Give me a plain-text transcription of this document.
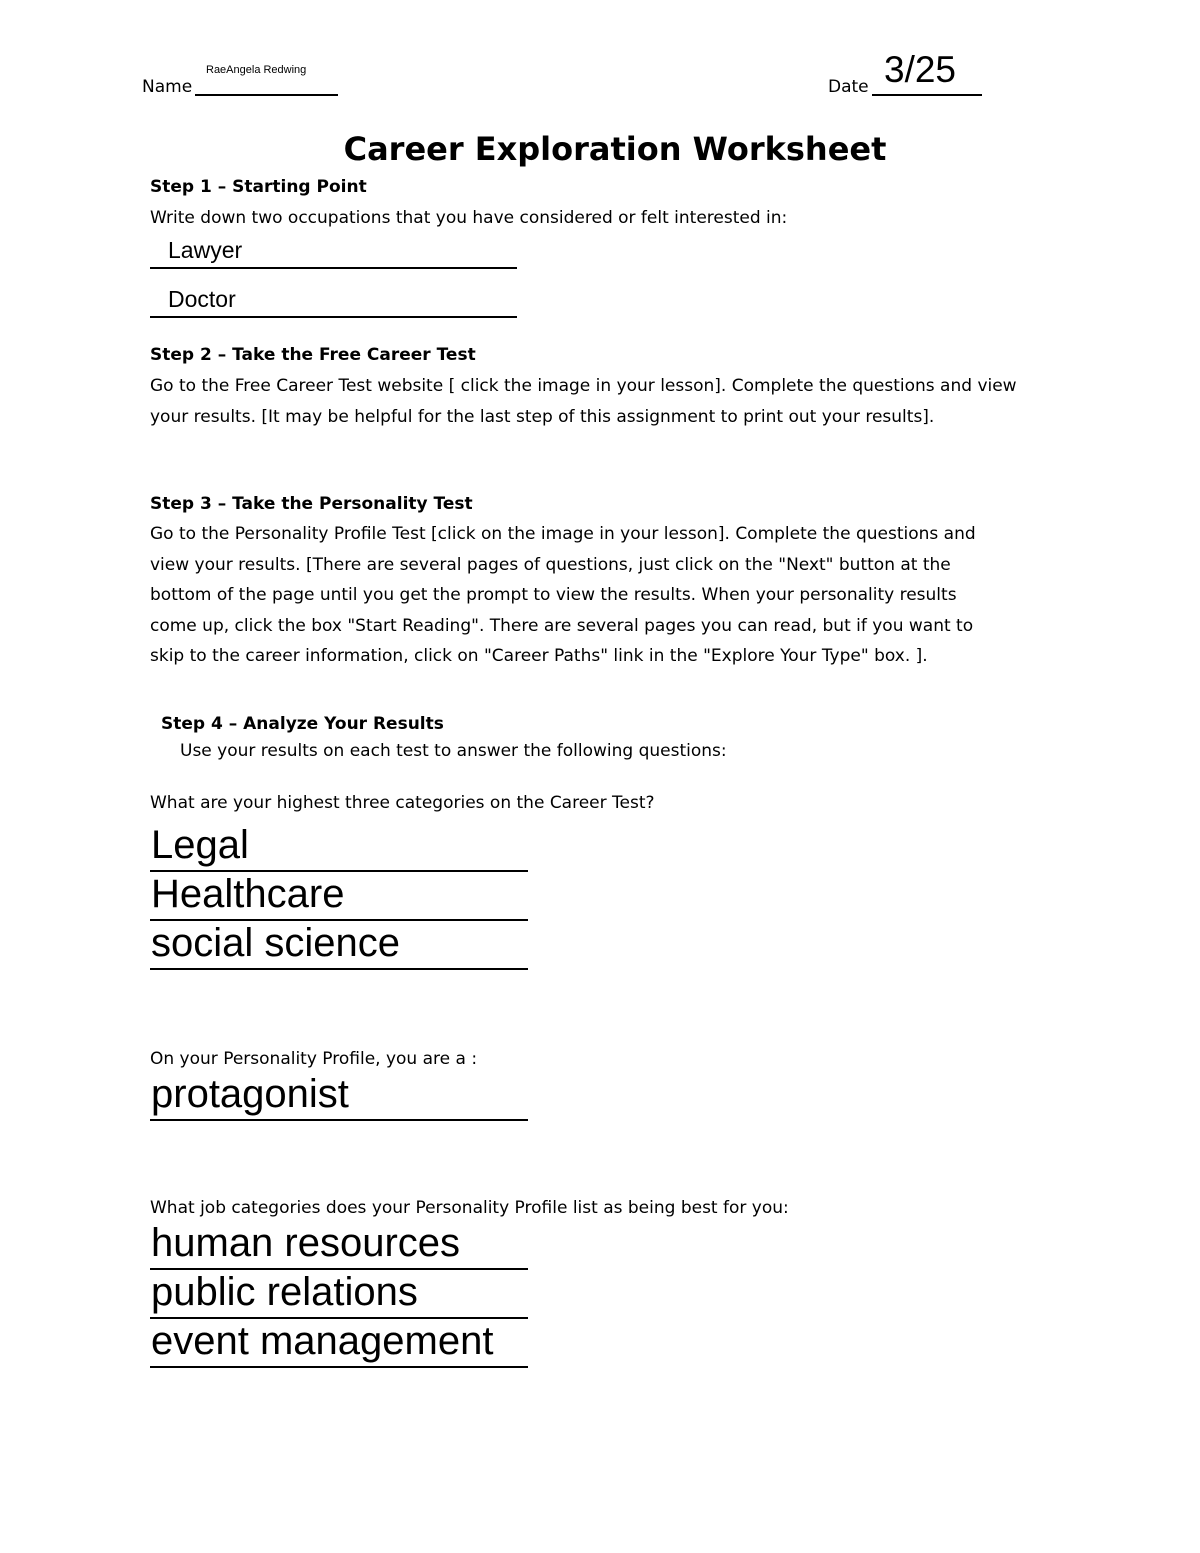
Name
RaeAngela Redwing
Date 3/25
Career Exploration Worksheet
Step 1 – Starting Point
Write down two occupations that you have considered or felt interested in:
Lawyer
Doctor
Step 2 – Take the Free Career Test

Go to the Free Career Test website [ click the image in your lesson]. Complete the questions and view

your results. [It may be helpful for the last step of this assignment to print out your results].

Step 3 – Take the Personality Test

Go to the Personality Profile Test [click on the image in your lesson]. Complete the questions and

view your results. [There are several pages of questions, just click on the "Next" button at the

bottom of the page until you get the prompt to view the results. When your personality results

come up, click the box "Start Reading". There are several pages you can read, but if you want to

skip to the career information, click on "Career Paths" link in the "Explore Your Type" box. ].

Step 4 – Analyze Your Results
Use your results on each test to answer the following questions:
What are your highest three categories on the Career Test?
Legal
Healthcare
social science
On your Personality Profile, you are a :
protagonist
What job categories does your Personality Profile list as being best for you:
human resources
public relations
event management
